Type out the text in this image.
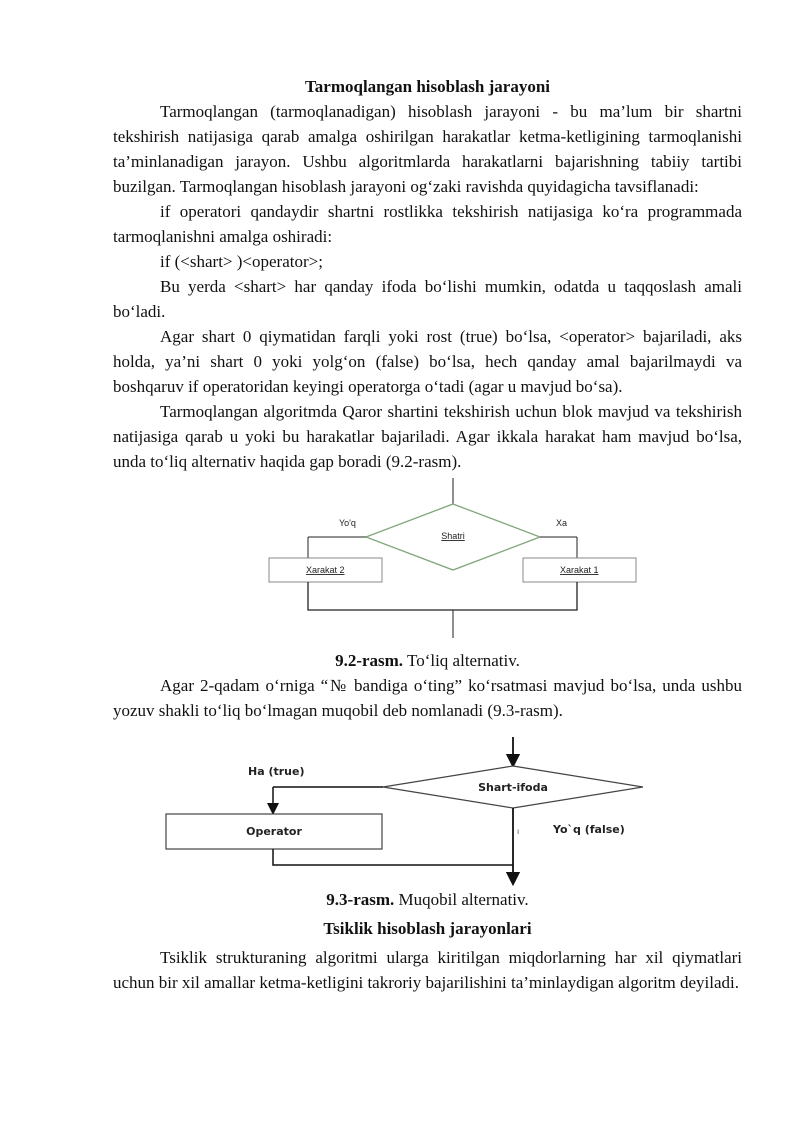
Tarmoqlangan hisoblash jarayoni

Tarmoqlangan (tarmoqlanadigan) hisoblash jarayoni - bu ma’lum bir shartni tekshirish natijasiga qarab amalga oshirilgan harakatlar ketma-ketligining tarmoqlanishi ta’minlanadigan jarayon. Ushbu algoritmlarda harakatlarni bajarishning tabiiy tartibi buzilgan. Tarmoqlangan hisoblash jarayoni og‘zaki ravishda quyidagicha tavsiflanadi:

if operatori qandaydir shartni rostlikka tekshirish natijasiga ko‘ra programmada tarmoqlanishni amalga oshiradi:

if (<shart> )<operator>;

Bu yerda <shart> har qanday ifoda bo‘lishi mumkin, odatda u taqqoslash amali bo‘ladi.

Agar shart 0 qiymatidan farqli yoki rost (true) bo‘lsa, <operator> bajariladi, aks holda, ya’ni shart 0 yoki yolg‘on (false) bo‘lsa, hech qanday amal bajarilmaydi va boshqaruv if operatoridan keyingi operatorga o‘tadi (agar u mavjud bo‘sa).

Tarmoqlangan algoritmda Qaror shartini tekshirish uchun blok mavjud va tekshirish natijasiga qarab u yoki bu harakatlar bajariladi. Agar ikkala harakat ham mavjud bo‘lsa, unda to‘liq alternativ haqida gap boradi (9.2-rasm).

Shatri
Yo'q	Xa
Xarakat 2	Xarakat 1

9.2-rasm. To‘liq alternativ.

Agar 2-qadam o‘rniga “№ bandiga o‘ting” ko‘rsatmasi mavjud bo‘lsa, unda ushbu yozuv shakli to‘liq bo‘lmagan muqobil deb nomlanadi (9.3-rasm).

Shart-ifoda
Ha (true)
Operator	ı	Yo`q (false)

9.3-rasm. Muqobil alternativ.

Tsiklik hisoblash jarayonlari

Tsiklik strukturaning algoritmi ularga kiritilgan miqdorlarning har xil qiymatlari uchun bir xil amallar ketma-ketligini takroriy bajarilishini ta’minlaydigan algoritm deyiladi.
